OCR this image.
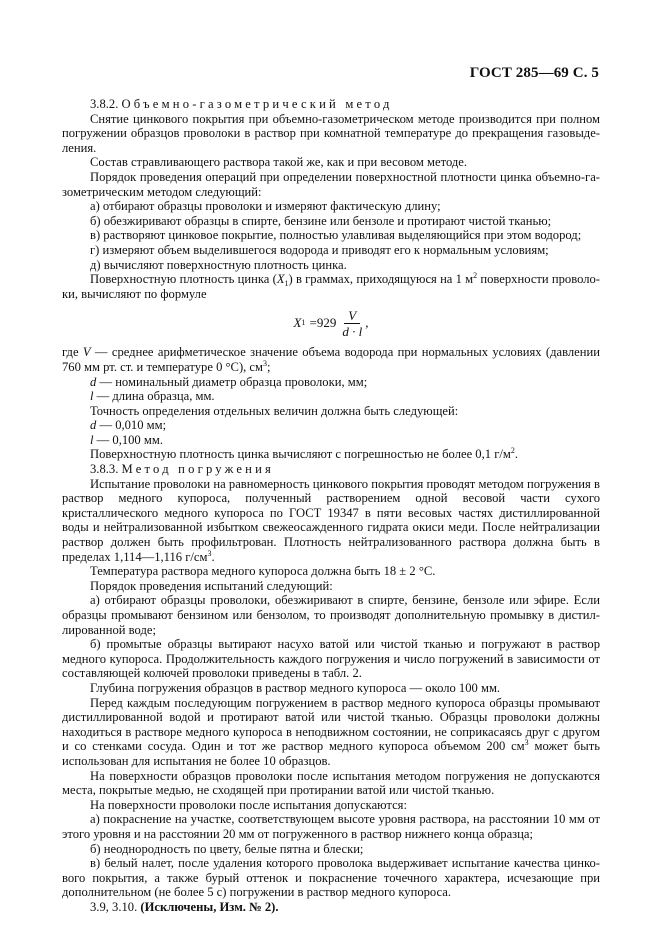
ГОСТ 285—69 С. 5

3.8.2. Объемно-газометрический метод

Снятие цинкового покрытия при объемно-газометрическом методе производится при полном погружении образцов проволоки в раствор при комнатной температуре до прекращения газовыделения.

Состав стравливающего раствора такой же, как и при весовом методе.

Порядок проведения операций при определении поверхностной плотности цинка объемно-газометрическим методом следующий:

а) отбирают образцы проволоки и измеряют фактическую длину;

б) обезжиривают образцы в спирте, бензине или бензоле и протирают чистой тканью;

в) растворяют цинковое покрытие, полностью улавливая выделяющийся при этом водород;

г) измеряют объем выделившегося водорода и приводят его к нормальным условиям;

д) вычисляют поверхностную плотность цинка.

Поверхностную плотность цинка $(X_1)$ в граммах, приходящуюся на 1 $м^2$ поверхности проволоки, вычисляют по формуле

X $1 =929 \frac{V}{d \cdot l}$ ,

где V — среднее арифметическое значение объема водорода при нормальных условиях (давлении 760 мм рт. ст. и температуре 0 °С), $см^3$;

d — номинальный диаметр образца проволоки, мм;

l — длина образца, мм.

Точность определения отдельных величин должна быть следующей:

d — 0,010 мм;

l — 0,100 мм.

Поверхностную плотность цинка вычисляют с погрешностью не более 0,1 $г/м^2$.

3.8.3. Метод погружения

Испытание проволоки на равномерность цинкового покрытия проводят методом погружения в раствор медного купороса, полученный растворением одной весовой части сухого кристаллического медного купороса по ГОСТ 19347 в пяти весовых частях дистиллированной воды и нейтрализованной избытком свежеосажденного гидрата окиси меди. После нейтрализации раствор должен быть профильтрован. Плотность нейтрализованного раствора должна быть в пределах 1,114—1,116 $г/см^3$.

Температура раствора медного купороса должна быть 18 ± 2 °С.

Порядок проведения испытаний следующий:

а) отбирают образцы проволоки, обезжиривают в спирте, бензине, бензоле или эфире. Если образцы промывают бензином или бензолом, то производят дополнительную промывку в дистиллированной воде;

б) промытые образцы вытирают насухо ватой или чистой тканью и погружают в раствор медного купороса. Продолжительность каждого погружения и число погружений в зависимости от составляющей колючей проволоки приведены в табл. 2.

Глубина погружения образцов в раствор медного купороса — около 100 мм.

Перед каждым последующим погружением в раствор медного купороса образцы промывают дистиллированной водой и протирают ватой или чистой тканью. Образцы проволоки должны находиться в растворе медного купороса в неподвижном состоянии, не соприкасаясь друг с другом и со стенками сосуда. Один и тот же раствор медного купороса объемом 200 $см^3$ может быть использован для испытания не более 10 образцов.

На поверхности образцов проволоки после испытания методом погружения не допускаются места, покрытые медью, не сходящей при протирании ватой или чистой тканью.

На поверхности проволоки после испытания допускаются:

а) покраснение на участке, соответствующем высоте уровня раствора, на расстоянии 10 мм от этого уровня и на расстоянии 20 мм от погруженного в раствор нижнего конца образца;

б) неоднородность по цвету, белые пятна и блески;

в) белый налет, после удаления которого проволока выдерживает испытание качества цинкового покрытия, а также бурый оттенок и покраснение точечного характера, исчезающие при дополнительном (не более 5 с) погружении в раствор медного купороса.

3.9, 3.10. (Исключены, Изм. № 2).
